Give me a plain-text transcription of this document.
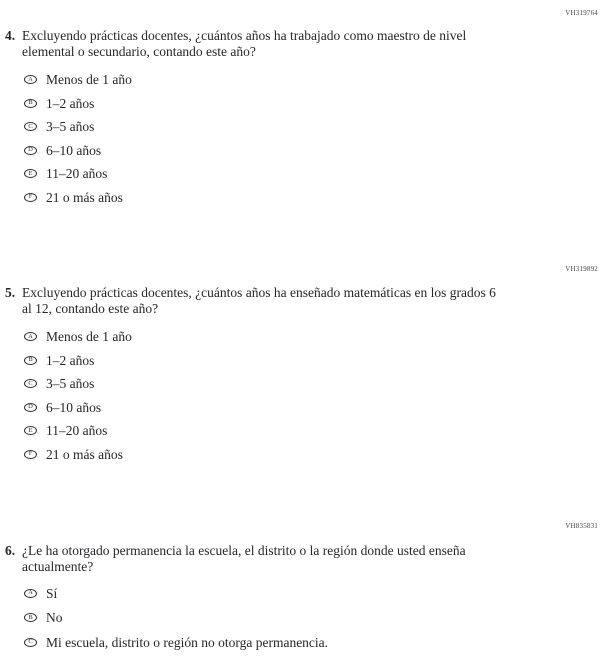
VH319764
4. Excluyendo prácticas docentes, ¿cuántos años ha trabajado como maestro de nivel elemental o secundario, contando este año?
A Menos de 1 año
B 1–2 años
C 3–5 años
D 6–10 años
E 11–20 años
F 21 o más años
VH319892
5. Excluyendo prácticas docentes, ¿cuántos años ha enseñado matemáticas en los grados 6 al 12, contando este año?
A Menos de 1 año
B 1–2 años
C 3–5 años
D 6–10 años
E 11–20 años
F 21 o más años
VH835831
6. ¿Le ha otorgado permanencia la escuela, el distrito o la región donde usted enseña actualmente?
A Sí
B No
C Mi escuela, distrito o región no otorga permanencia.
